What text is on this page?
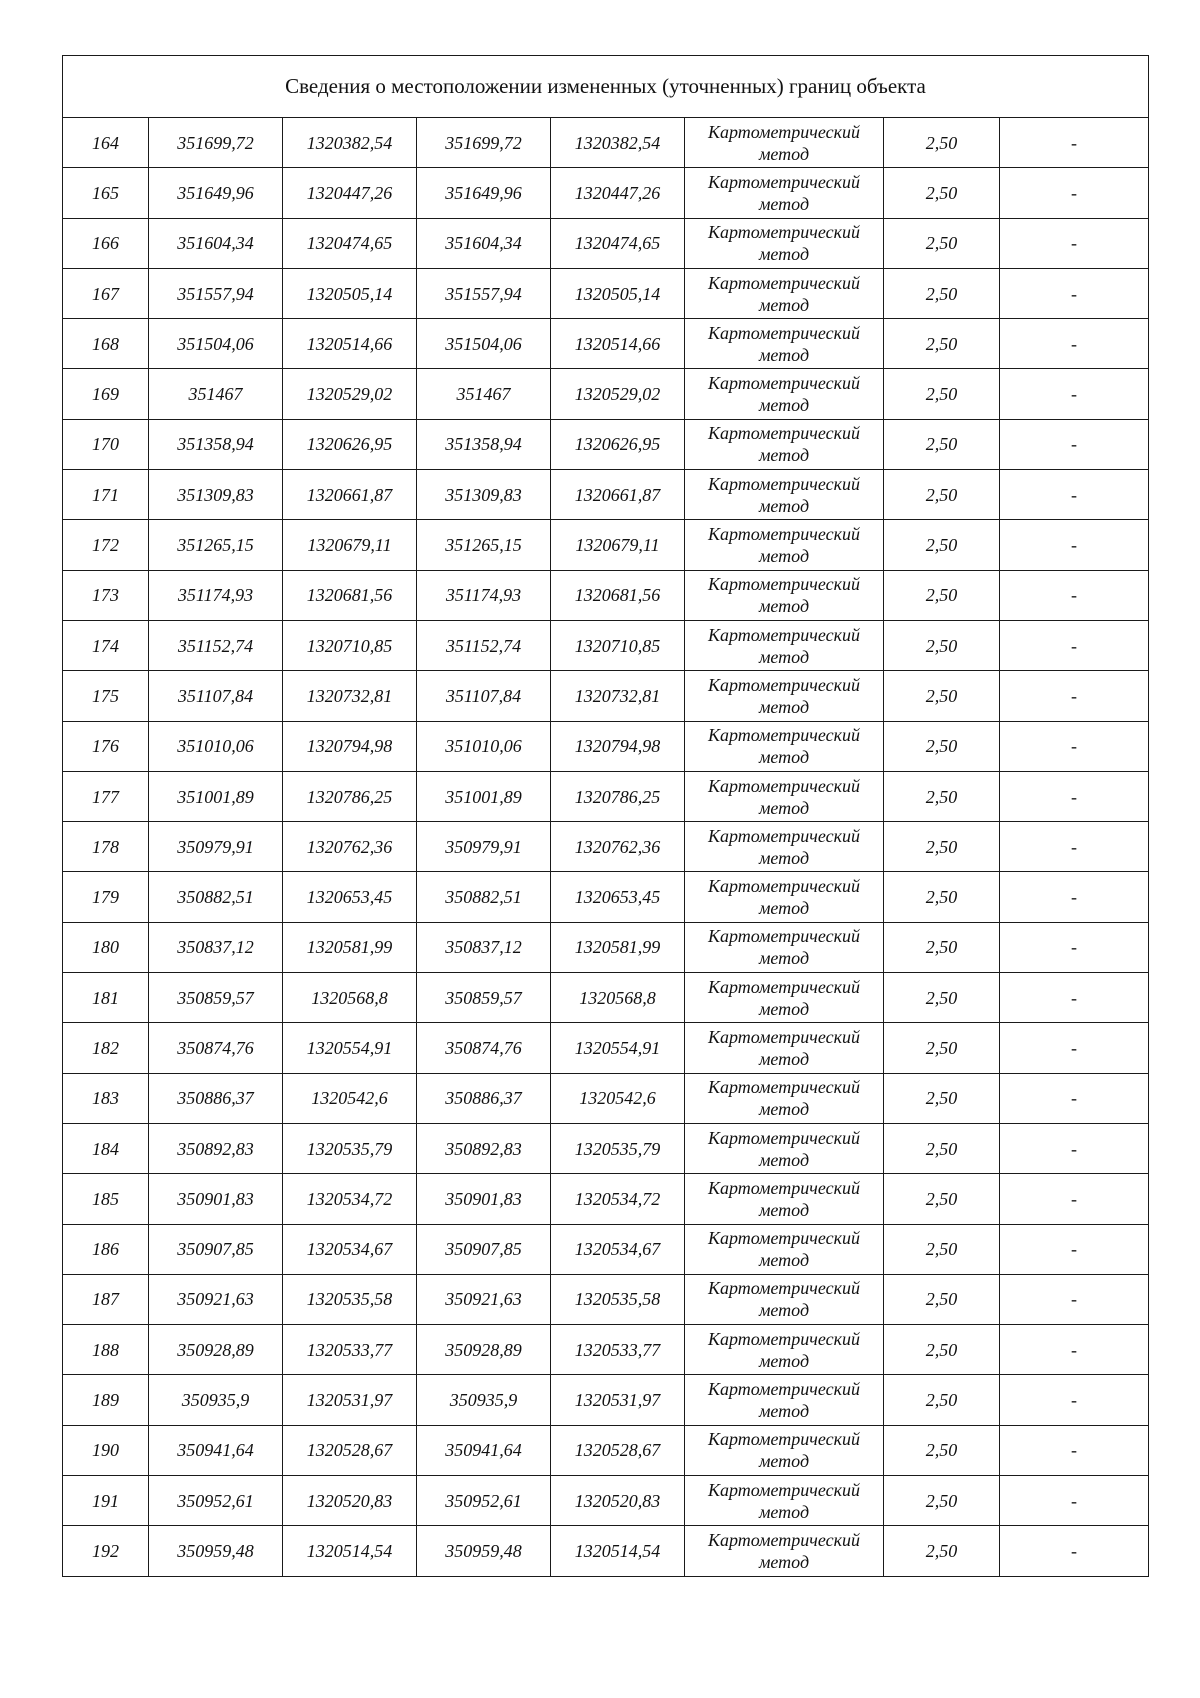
Сведения о местоположении измененных (уточненных) границ объекта							
164	351699,72	1320382,54	351699,72	1320382,54	Картометрический
метод	2,50	-
165	351649,96	1320447,26	351649,96	1320447,26	Картометрический
метод	2,50	-
166	351604,34	1320474,65	351604,34	1320474,65	Картометрический
метод	2,50	-
167	351557,94	1320505,14	351557,94	1320505,14	Картометрический
метод	2,50	-
168	351504,06	1320514,66	351504,06	1320514,66	Картометрический
метод	2,50	-
169	351467	1320529,02	351467	1320529,02	Картометрический
метод	2,50	-
170	351358,94	1320626,95	351358,94	1320626,95	Картометрический
метод	2,50	-
171	351309,83	1320661,87	351309,83	1320661,87	Картометрический
метод	2,50	-
172	351265,15	1320679,11	351265,15	1320679,11	Картометрический
метод	2,50	-
173	351174,93	1320681,56	351174,93	1320681,56	Картометрический
метод	2,50	-
174	351152,74	1320710,85	351152,74	1320710,85	Картометрический
метод	2,50	-
175	351107,84	1320732,81	351107,84	1320732,81	Картометрический
метод	2,50	-
176	351010,06	1320794,98	351010,06	1320794,98	Картометрический
метод	2,50	-
177	351001,89	1320786,25	351001,89	1320786,25	Картометрический
метод	2,50	-
178	350979,91	1320762,36	350979,91	1320762,36	Картометрический
метод	2,50	-
179	350882,51	1320653,45	350882,51	1320653,45	Картометрический
метод	2,50	-
180	350837,12	1320581,99	350837,12	1320581,99	Картометрический
метод	2,50	-
181	350859,57	1320568,8	350859,57	1320568,8	Картометрический
метод	2,50	-
182	350874,76	1320554,91	350874,76	1320554,91	Картометрический
метод	2,50	-
183	350886,37	1320542,6	350886,37	1320542,6	Картометрический
метод	2,50	-
184	350892,83	1320535,79	350892,83	1320535,79	Картометрический
метод	2,50	-
185	350901,83	1320534,72	350901,83	1320534,72	Картометрический
метод	2,50	-
186	350907,85	1320534,67	350907,85	1320534,67	Картометрический
метод	2,50	-
187	350921,63	1320535,58	350921,63	1320535,58	Картометрический
метод	2,50	-
188	350928,89	1320533,77	350928,89	1320533,77	Картометрический
метод	2,50	-
189	350935,9	1320531,97	350935,9	1320531,97	Картометрический
метод	2,50	-
190	350941,64	1320528,67	350941,64	1320528,67	Картометрический
метод	2,50	-
191	350952,61	1320520,83	350952,61	1320520,83	Картометрический
метод	2,50	-
192	350959,48	1320514,54	350959,48	1320514,54	Картометрический
метод	2,50	-
